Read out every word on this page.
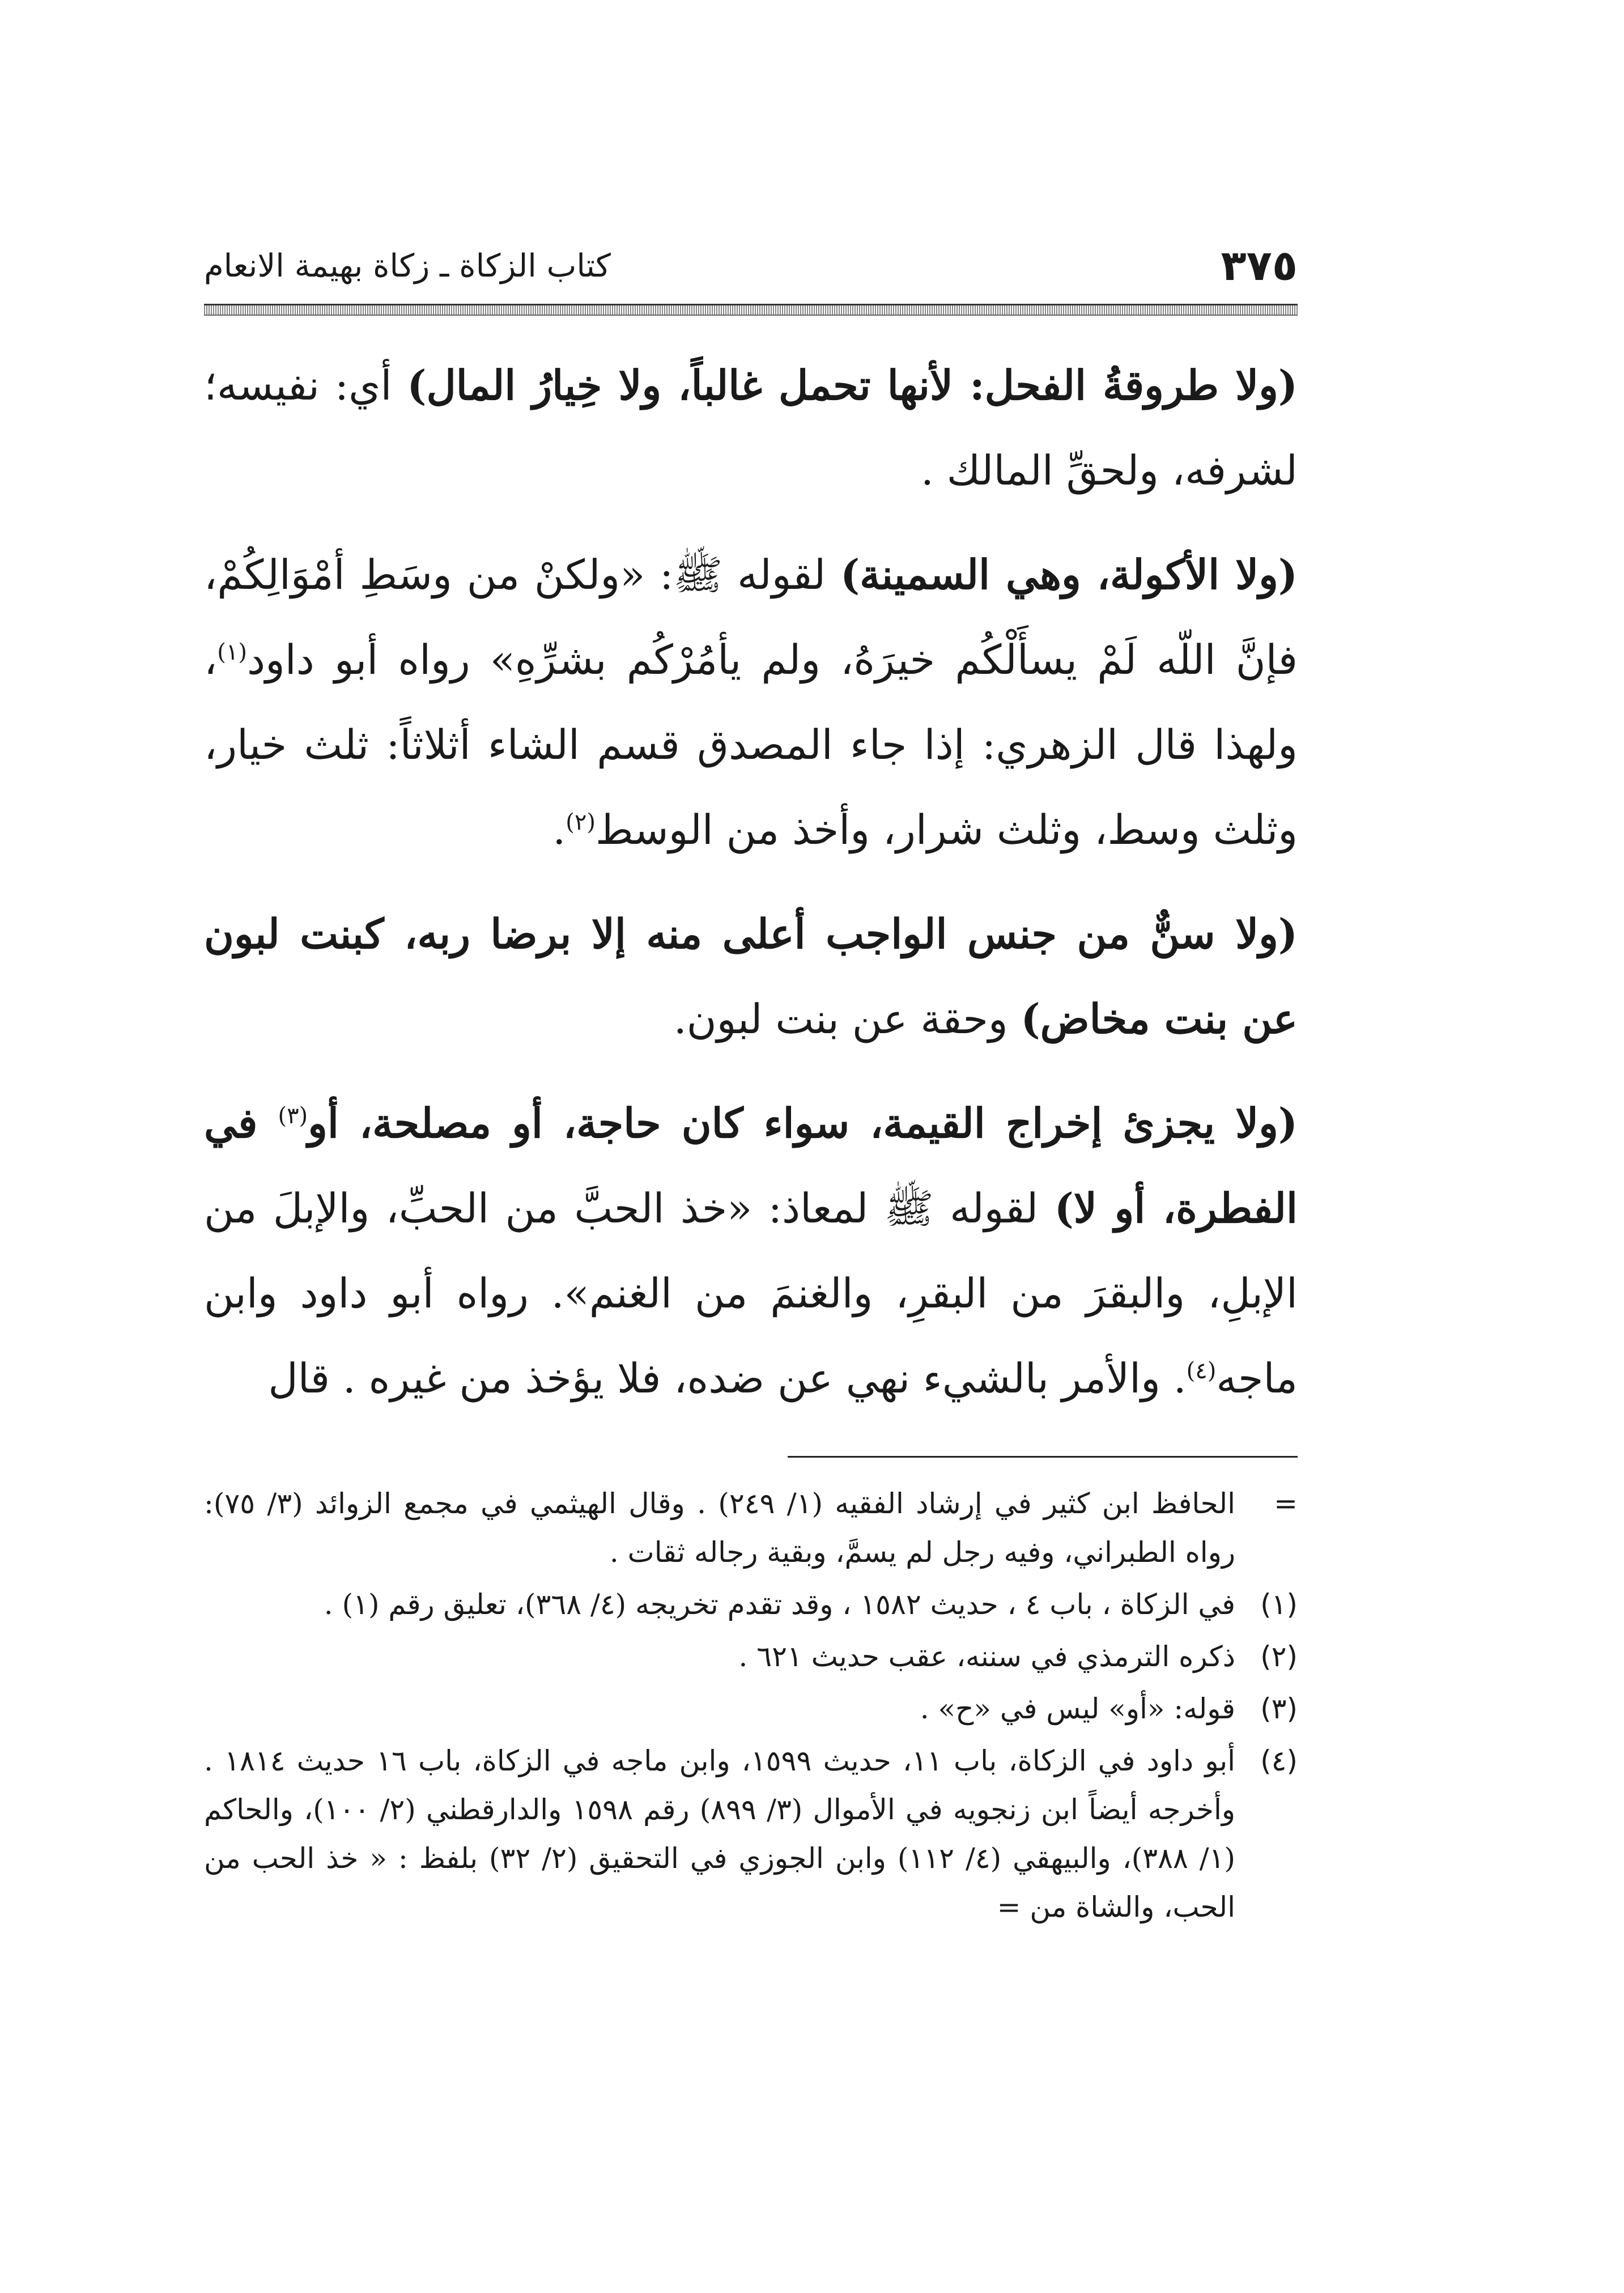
٣٧٥
كتاب الزكاة ـ زكاة بهيمة الانعام

(ولا طروقةُ الفحل: لأنها تحمل غالباً، ولا خِيارُ المال) أي: نفيسه؛ لشرفه، ولحقِّ المالك .

(ولا الأكولة، وهي السمينة) لقوله ﷺ: «ولكنْ من وسَطِ أمْوَالِكُمْ، فإنَّ اللّه لَمْ يسأَلْكُم خيرَهُ، ولم يأمُرْكُم بشرِّهِ» رواه أبو داود$^{(١)}$، ولهذا قال الزهري: إذا جاء المصدق قسم الشاء أثلاثاً: ثلث خيار، وثلث وسط، وثلث شرار، وأخذ من الوسط$^{(٢)}$.

(ولا سنٌّ من جنس الواجب أعلى منه إلا برضا ربه، كبنت لبون عن بنت مخاض) وحقة عن بنت لبون.

(ولا يجزئ إخراج القيمة، سواء كان حاجة، أو مصلحة، أو$^{(٣)}$ في الفطرة، أو لا) لقوله ﷺ لمعاذ: «خذ الحبَّ من الحبِّ، والإبلَ من الإبلِ، والبقرَ من البقرِ، والغنمَ من الغنم». رواه أبو داود وابن ماجه$^{(٤)}$. والأمر بالشيء نهي عن ضده، فلا يؤخذ من غيره . قال

=
الحافظ ابن كثير في إرشاد الفقيه (١/ ٢٤٩) . وقال الهيثمي في مجمع الزوائد (٣/ ٧٥): رواه الطبراني، وفيه رجل لم يسمَّ، وبقية رجاله ثقات .
(١)
في الزكاة ، باب ٤ ، حديث ١٥٨٢ ، وقد تقدم تخريجه (٤/ ٣٦٨)، تعليق رقم (١) .
(٢)
ذكره الترمذي في سننه، عقب حديث ٦٢١ .
(٣)
قوله: «أو» ليس في «ح» .
(٤)
أبو داود في الزكاة، باب ١١، حديث ١٥٩٩، وابن ماجه في الزكاة، باب ١٦ حديث ١٨١٤ . وأخرجه أيضاً ابن زنجويه في الأموال (٣/ ٨٩٩) رقم ١٥٩٨ والدارقطني (٢/ ١٠٠)، والحاكم (١/ ٣٨٨)، والبيهقي (٤/ ١١٢) وابن الجوزي في التحقيق (٢/ ٣٢) بلفظ : « خذ الحب من الحب، والشاة من =
